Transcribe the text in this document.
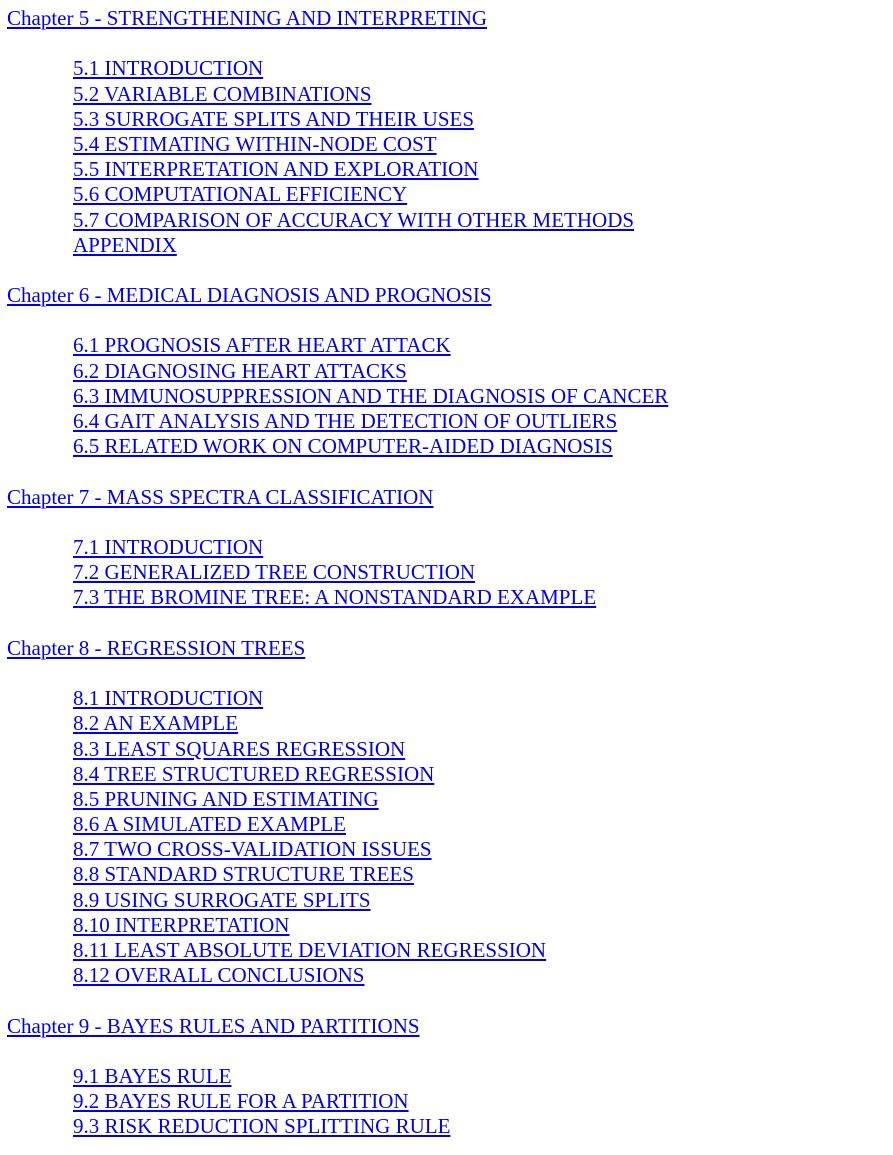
Chapter 5 - STRENGTHENING AND INTERPRETING
5.1 INTRODUCTION
5.2 VARIABLE COMBINATIONS
5.3 SURROGATE SPLITS AND THEIR USES
5.4 ESTIMATING WITHIN-NODE COST
5.5 INTERPRETATION AND EXPLORATION
5.6 COMPUTATIONAL EFFICIENCY
5.7 COMPARISON OF ACCURACY WITH OTHER METHODS
APPENDIX
Chapter 6 - MEDICAL DIAGNOSIS AND PROGNOSIS
6.1 PROGNOSIS AFTER HEART ATTACK
6.2 DIAGNOSING HEART ATTACKS
6.3 IMMUNOSUPPRESSION AND THE DIAGNOSIS OF CANCER
6.4 GAIT ANALYSIS AND THE DETECTION OF OUTLIERS
6.5 RELATED WORK ON COMPUTER-AIDED DIAGNOSIS
Chapter 7 - MASS SPECTRA CLASSIFICATION
7.1 INTRODUCTION
7.2 GENERALIZED TREE CONSTRUCTION
7.3 THE BROMINE TREE: A NONSTANDARD EXAMPLE
Chapter 8 - REGRESSION TREES
8.1 INTRODUCTION
8.2 AN EXAMPLE
8.3 LEAST SQUARES REGRESSION
8.4 TREE STRUCTURED REGRESSION
8.5 PRUNING AND ESTIMATING
8.6 A SIMULATED EXAMPLE
8.7 TWO CROSS-VALIDATION ISSUES
8.8 STANDARD STRUCTURE TREES
8.9 USING SURROGATE SPLITS
8.10 INTERPRETATION
8.11 LEAST ABSOLUTE DEVIATION REGRESSION
8.12 OVERALL CONCLUSIONS
Chapter 9 - BAYES RULES AND PARTITIONS
9.1 BAYES RULE
9.2 BAYES RULE FOR A PARTITION
9.3 RISK REDUCTION SPLITTING RULE
